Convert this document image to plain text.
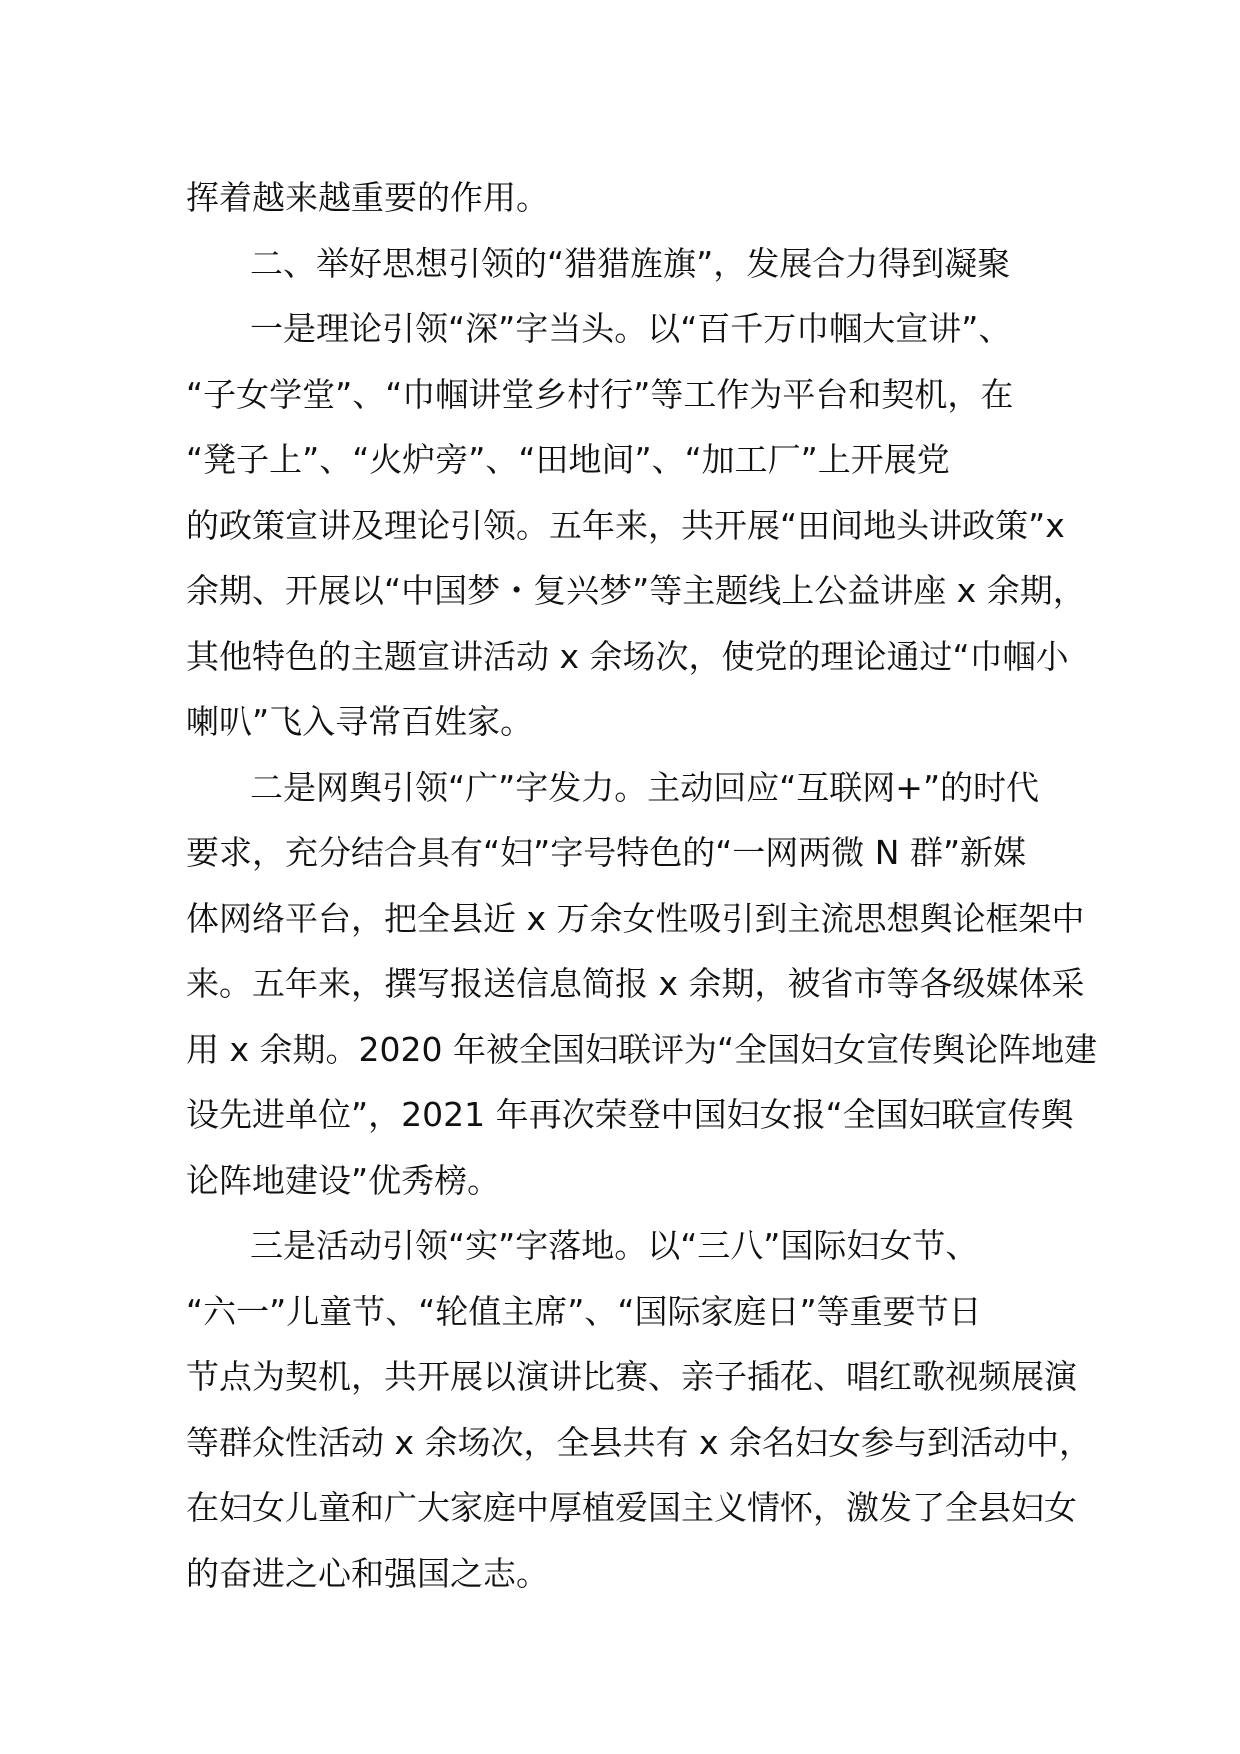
挥着越来越重要的作用。
二、举好思想引领的“猎猎旌旗”，发展合力得到凝聚
一是理论引领“深”字当头。以“百千万巾帼大宣讲”、
“子女学堂”、“巾帼讲堂乡村行”等工作为平台和契机，在
“凳子上”、“火炉旁”、“田地间”、“加工厂”上开展党
的政策宣讲及理论引领。五年来，共开展“田间地头讲政策”x
余期、开展以“中国梦・复兴梦”等主题线上公益讲座 x 余期，
其他特色的主题宣讲活动 x 余场次，使党的理论通过“巾帼小
喇叭”飞入寻常百姓家。
二是网舆引领“广”字发力。主动回应“互联网+”的时代
要求，充分结合具有“妇”字号特色的“一网两微 N 群”新媒
体网络平台，把全县近 x 万余女性吸引到主流思想舆论框架中
来。五年来，撰写报送信息简报 x 余期，被省市等各级媒体采
用 x 余期。2020 年被全国妇联评为“全国妇女宣传舆论阵地建
设先进单位”，2021 年再次荣登中国妇女报“全国妇联宣传舆
论阵地建设”优秀榜。
三是活动引领“实”字落地。以“三八”国际妇女节、
“六一”儿童节、“轮值主席”、“国际家庭日”等重要节日
节点为契机，共开展以演讲比赛、亲子插花、唱红歌视频展演
等群众性活动 x 余场次，全县共有 x 余名妇女参与到活动中，
在妇女儿童和广大家庭中厚植爱国主义情怀，激发了全县妇女
的奋进之心和强国之志。
